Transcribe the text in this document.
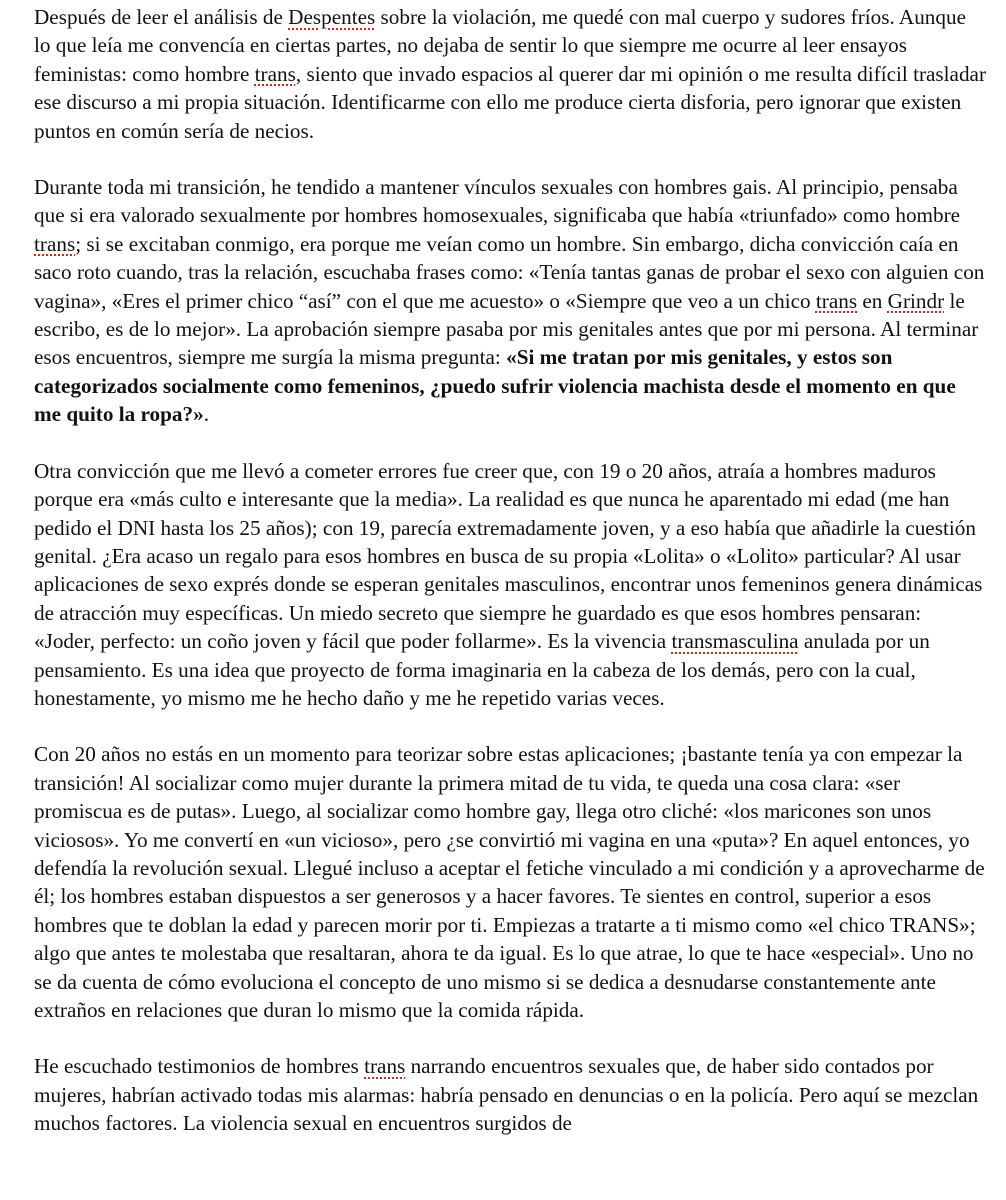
Después de leer el análisis de Despentes sobre la violación, me quedé con mal cuerpo y sudores fríos. Aunque lo que leía me convencía en ciertas partes, no dejaba de sentir lo que siempre me ocurre al leer ensayos feministas: como hombre trans, siento que invado espacios al querer dar mi opinión o me resulta difícil trasladar ese discurso a mi propia situación. Identificarme con ello me produce cierta disforia, pero ignorar que existen puntos en común sería de necios.

Durante toda mi transición, he tendido a mantener vínculos sexuales con hombres gais. Al principio, pensaba que si era valorado sexualmente por hombres homosexuales, significaba que había «triunfado» como hombre trans; si se excitaban conmigo, era porque me veían como un hombre. Sin embargo, dicha convicción caía en saco roto cuando, tras la relación, escuchaba frases como: «Tenía tantas ganas de probar el sexo con alguien con vagina», «Eres el primer chico “así” con el que me acuesto» o «Siempre que veo a un chico trans en Grindr le escribo, es de lo mejor». La aprobación siempre pasaba por mis genitales antes que por mi persona. Al terminar esos encuentros, siempre me surgía la misma pregunta: «Si me tratan por mis genitales, y estos son categorizados socialmente como femeninos, ¿puedo sufrir violencia machista desde el momento en que me quito la ropa?».

Otra convicción que me llevó a cometer errores fue creer que, con 19 o 20 años, atraía a hombres maduros porque era «más culto e interesante que la media». La realidad es que nunca he aparentado mi edad (me han pedido el DNI hasta los 25 años); con 19, parecía extremadamente joven, y a eso había que añadirle la cuestión genital. ¿Era acaso un regalo para esos hombres en busca de su propia «Lolita» o «Lolito» particular? Al usar aplicaciones de sexo exprés donde se esperan genitales masculinos, encontrar unos femeninos genera dinámicas de atracción muy específicas. Un miedo secreto que siempre he guardado es que esos hombres pensaran: «Joder, perfecto: un coño joven y fácil que poder follarme». Es la vivencia transmasculina anulada por un pensamiento. Es una idea que proyecto de forma imaginaria en la cabeza de los demás, pero con la cual, honestamente, yo mismo me he hecho daño y me he repetido varias veces.

Con 20 años no estás en un momento para teorizar sobre estas aplicaciones; ¡bastante tenía ya con empezar la transición! Al socializar como mujer durante la primera mitad de tu vida, te queda una cosa clara: «ser promiscua es de putas». Luego, al socializar como hombre gay, llega otro cliché: «los maricones son unos viciosos». Yo me convertí en «un vicioso», pero ¿se convirtió mi vagina en una «puta»? En aquel entonces, yo defendía la revolución sexual. Llegué incluso a aceptar el fetiche vinculado a mi condición y a aprovecharme de él; los hombres estaban dispuestos a ser generosos y a hacer favores. Te sientes en control, superior a esos hombres que te doblan la edad y parecen morir por ti. Empiezas a tratarte a ti mismo como «el chico TRANS»; algo que antes te molestaba que resaltaran, ahora te da igual. Es lo que atrae, lo que te hace «especial». Uno no se da cuenta de cómo evoluciona el concepto de uno mismo si se dedica a desnudarse constantemente ante extraños en relaciones que duran lo mismo que la comida rápida.

He escuchado testimonios de hombres trans narrando encuentros sexuales que, de haber sido contados por mujeres, habrían activado todas mis alarmas: habría pensado en denuncias o en la policía. Pero aquí se mezclan muchos factores. La violencia sexual en encuentros surgidos de
